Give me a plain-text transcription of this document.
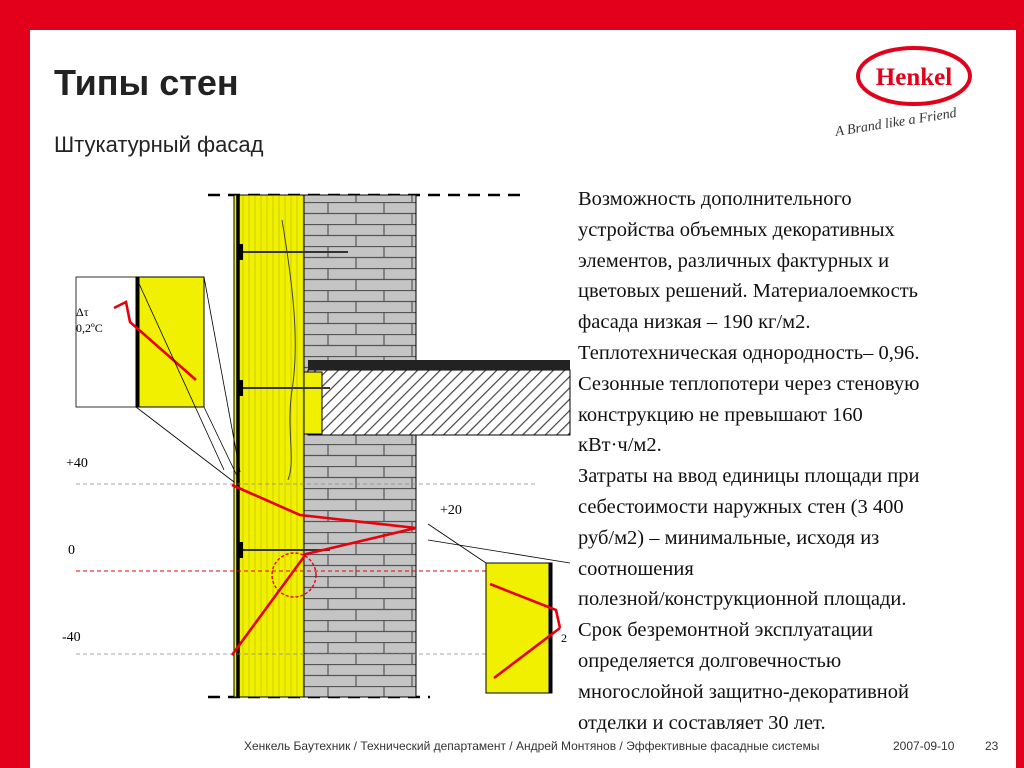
Типы стен
Штукатурный фасад
Henkel
A Brand like a Friend
Δτ
0,2ºC
+40
0
-40
+20
2
Возможность дополнительного
устройства объемных декоративных
элементов, различных фактурных и
цветовых решений. Материалоемкость
фасада низкая – 190 кг/м2.
Теплотехническая однородность– 0,96.
Сезонные теплопотери через стеновую
конструкцию не превышают 160
кВт·ч/м2.
Затраты на ввод единицы площади при
себестоимости наружных стен (3 400
руб/м2) – минимальные, исходя из
соотношения
полезной/конструкционной площади.
Срок безремонтной эксплуатации
определяется долговечностью
многослойной защитно-декоративной
отделки и составляет 30 лет.
Хенкель Баутехник / Технический департамент / Андрей Монтянов / Эффективные фасадные системы	2007-09-10	23
